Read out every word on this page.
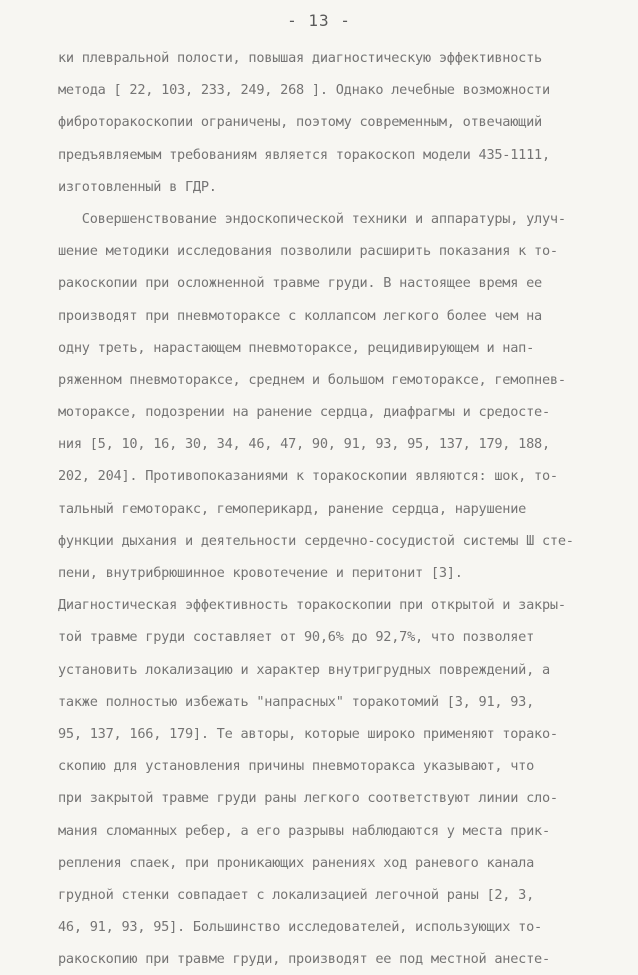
- 13 -
ки плевральной полости, повышая диагностическую эффективность
метода [ 22, 103, 233, 249, 268 ]. Однако лечебные возможности
фиброторакоскопии ограничены, поэтому современным, отвечающий
предъявляемым требованиям является торакоскоп модели 435-1111,
изготовленный в ГДР.
Совершенствование эндоскопической техники и аппаратуры, улуч-
шение методики исследования позволили расширить показания к то-
ракоскопии при осложненной травме груди. В настоящее время ее
производят при пневмотораксе с коллапсом легкого более чем на
одну треть, нарастающем пневмотораксе, рецидивирующем и нап-
ряженном пневмотораксе, среднем и большом гемотораксе, гемопнев-
мотораксе, подозрении на ранение сердца, диафрагмы и средосте-
ния [5, 10, 16, 30, 34, 46, 47, 90, 91, 93, 95, 137, 179, 188,
202, 204]. Противопоказаниями к торакоскопии являются: шок, то-
тальный гемоторакс, гемоперикард, ранение сердца, нарушение
функции дыхания и деятельности сердечно-сосудистой системы Ш сте-
пени, внутрибрюшинное кровотечение и перитонит [3].
Диагностическая эффективность торакоскопии при открытой и закры-
той травме груди составляет от 90,6% до 92,7%, что позволяет
установить локализацию и характер внутригрудных повреждений, а
также полностью избежать "напрасных" торакотомий [3, 91, 93,
95, 137, 166, 179]. Те авторы, которые широко применяют торако-
скопию для установления причины пневмоторакса указывают, что
при закрытой травме груди раны легкого соответствуют линии сло-
мания сломанных ребер, а его разрывы наблюдаются у места прик-
репления спаек, при проникающих ранениях ход раневого канала
грудной стенки совпадает с локализацией легочной раны [2, 3,
46, 91, 93, 95]. Большинство исследователей, использующих то-
ракоскопию при травме груди, производят ее под местной анесте-
